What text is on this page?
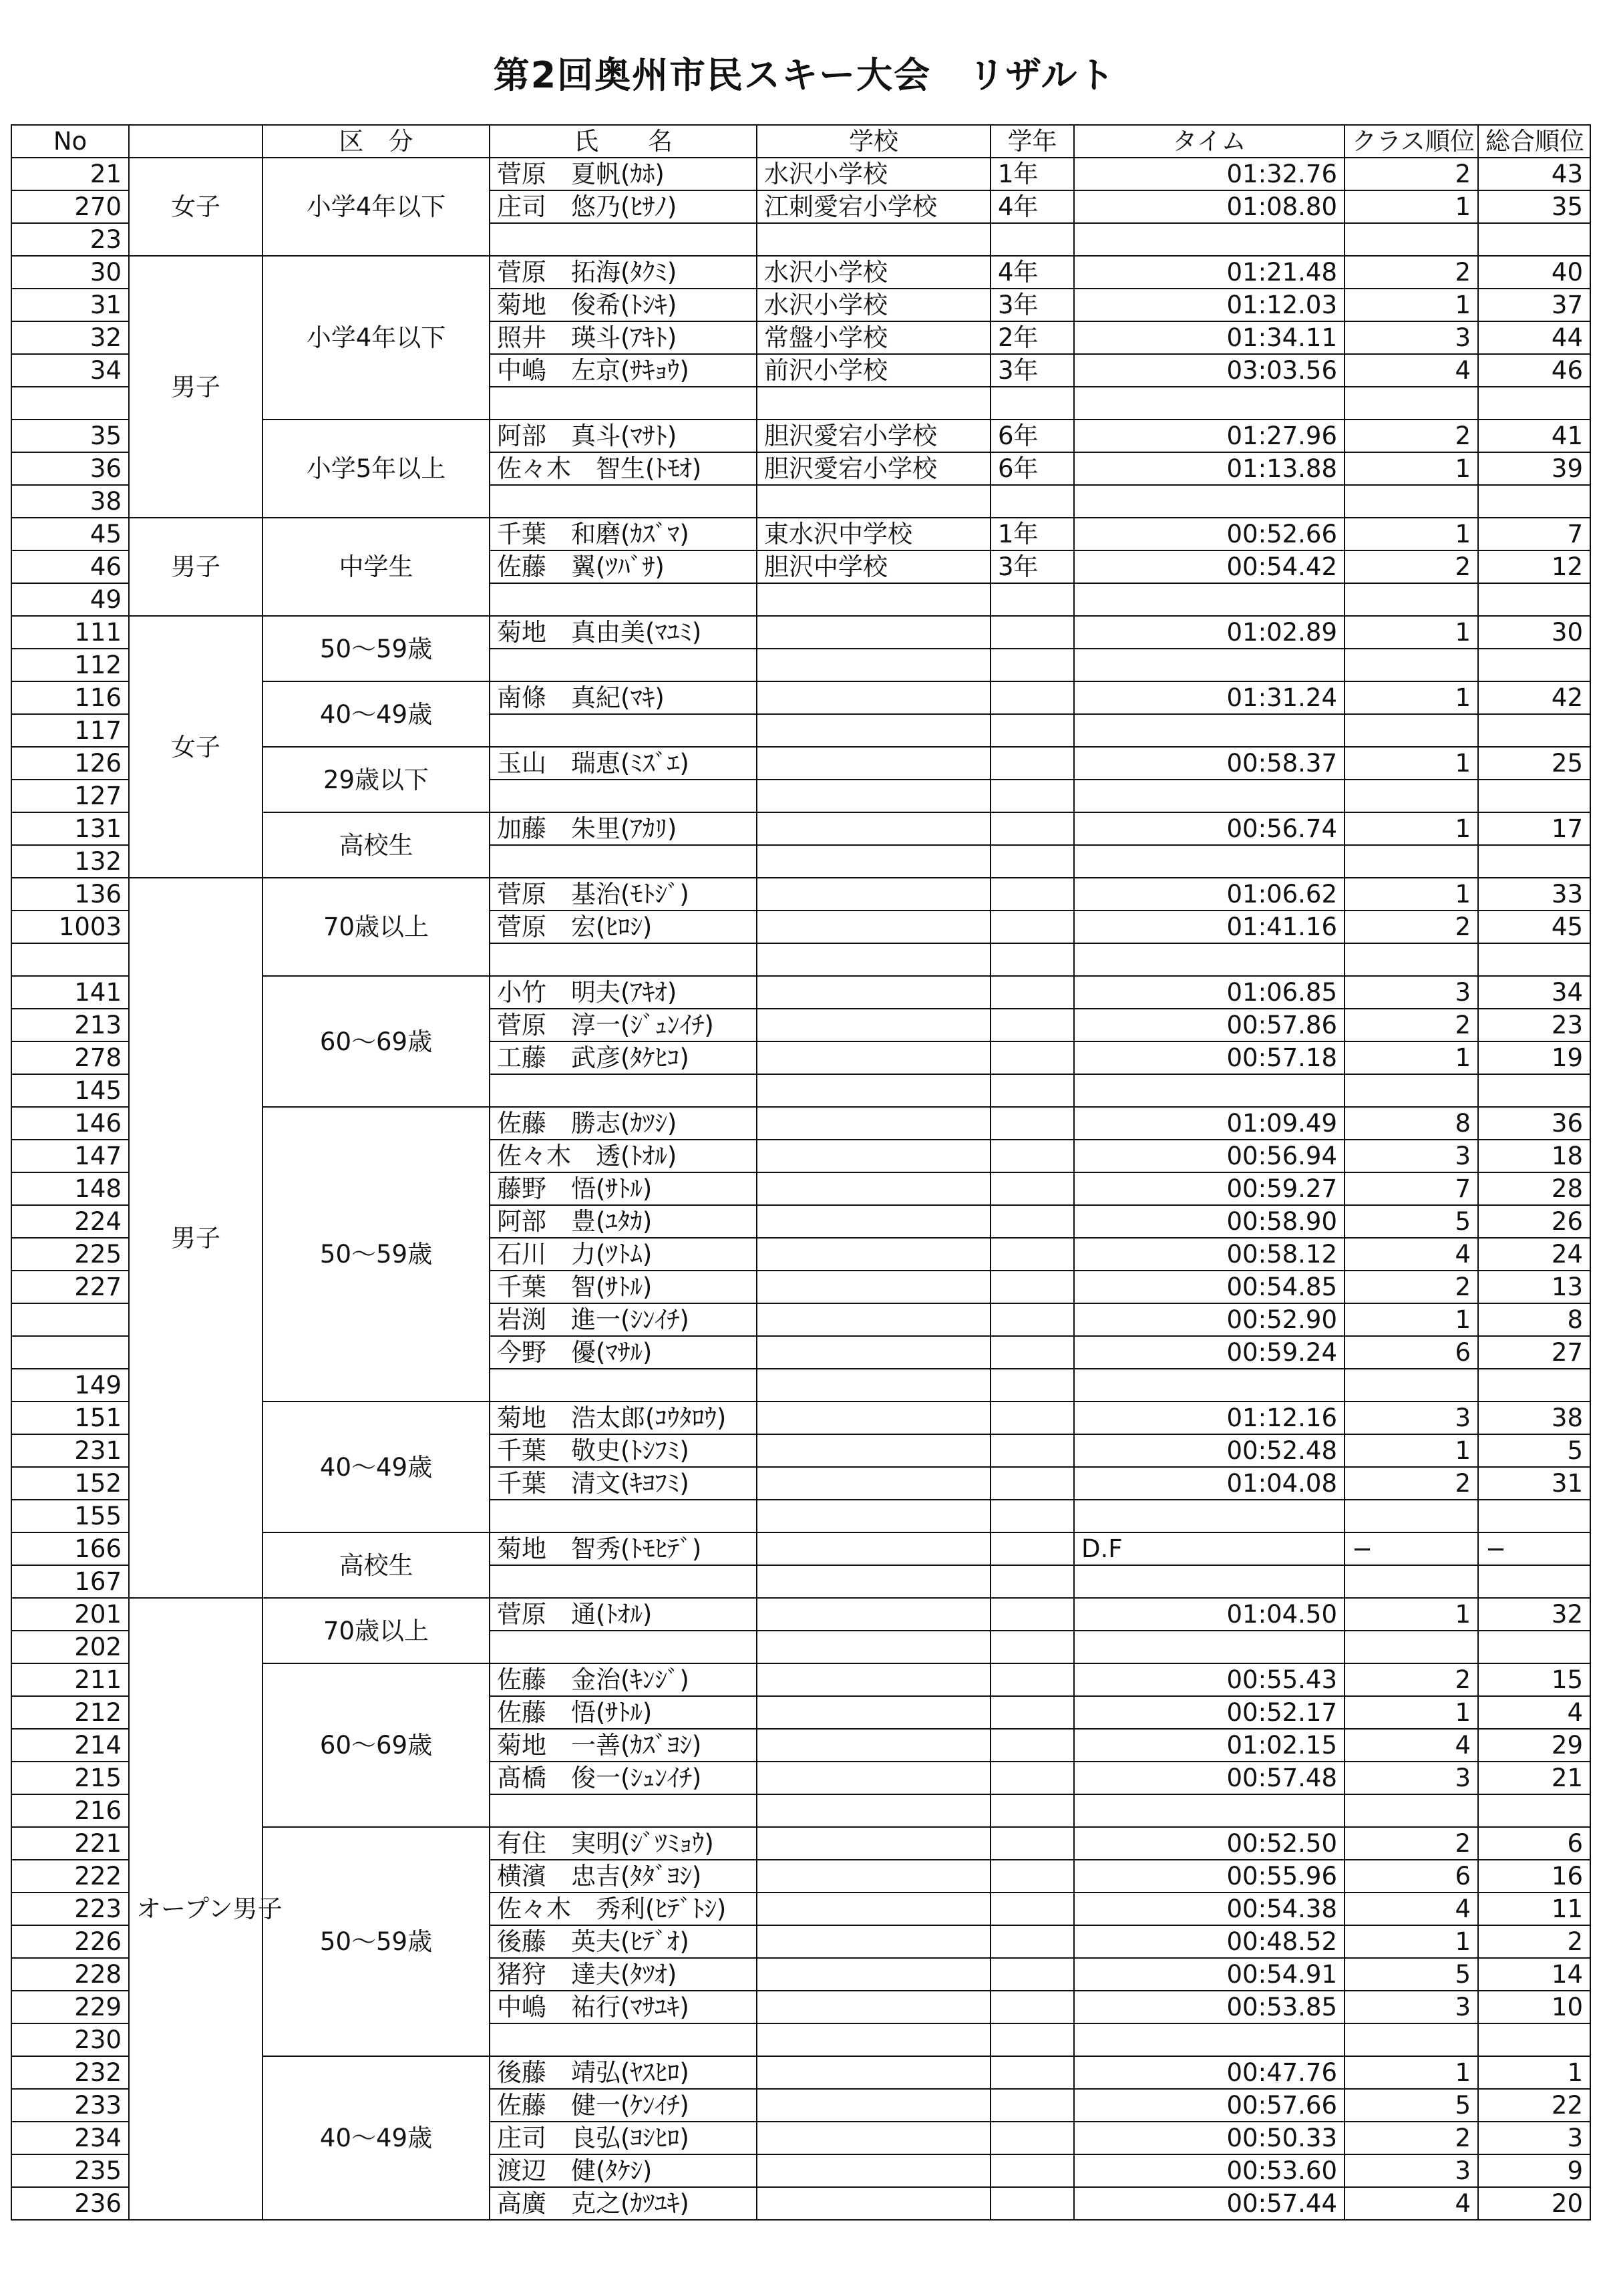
第2回奥州市民スキー大会　リザルト
No		区　分	氏　　名	学校	学年	タイム	クラス順位	総合順位
21	女子	小学4年以下	菅原　夏帆(ｶﾎ)	水沢小学校	1年	01:32.76	2	43
270			庄司　悠乃(ﾋｻﾉ)	江刺愛宕小学校	4年	01:08.80	1	35
23								
30	男子	小学4年以下	菅原　拓海(ﾀｸﾐ)	水沢小学校	4年	01:21.48	2	40
31			菊地　俊希(ﾄｼｷ)	水沢小学校	3年	01:12.03	1	37
32			照井　瑛斗(ｱｷﾄ)	常盤小学校	2年	01:34.11	3	44
34			中嶋　左京(ｻｷｮｳ)	前沢小学校	3年	03:03.56	4	46

35		小学5年以上	阿部　真斗(ﾏｻﾄ)	胆沢愛宕小学校	6年	01:27.96	2	41
36			佐々木　智生(ﾄﾓｵ)	胆沢愛宕小学校	6年	01:13.88	1	39
38								
45	男子	中学生	千葉　和磨(ｶｽﾞﾏ)	東水沢中学校	1年	00:52.66	1	7
46			佐藤　翼(ﾂﾊﾞｻ)	胆沢中学校	3年	00:54.42	2	12
49								
111	女子	50〜59歳	菊地　真由美(ﾏﾕﾐ)			01:02.89	1	30
112								
116		40〜49歳	南條　真紀(ﾏｷ)			01:31.24	1	42
117								
126		29歳以下	玉山　瑞恵(ﾐｽﾞｴ)			00:58.37	1	25
127								
131		高校生	加藤　朱里(ｱｶﾘ)			00:56.74	1	17
132								
136	男子	70歳以上	菅原　基治(ﾓﾄｼﾞ)			01:06.62	1	33
1003			菅原　宏(ﾋﾛｼ)			01:41.16	2	45

141		60〜69歳	小竹　明夫(ｱｷｵ)			01:06.85	3	34
213			菅原　淳一(ｼﾞｭﾝｲﾁ)			00:57.86	2	23
278			工藤　武彦(ﾀｹﾋｺ)			00:57.18	1	19
145								
146		50〜59歳	佐藤　勝志(ｶﾂｼ)			01:09.49	8	36
147			佐々木　透(ﾄｵﾙ)			00:56.94	3	18
148			藤野　悟(ｻﾄﾙ)			00:59.27	7	28
224			阿部　豊(ﾕﾀｶ)			00:58.90	5	26
225			石川　力(ﾂﾄﾑ)			00:58.12	4	24
227			千葉　智(ｻﾄﾙ)			00:54.85	2	13
			岩渕　進一(ｼﾝｲﾁ)			00:52.90	1	8
			今野　優(ﾏｻﾙ)			00:59.24	6	27
149								
151		40〜49歳	菊地　浩太郎(ｺｳﾀﾛｳ)			01:12.16	3	38
231			千葉　敬史(ﾄｼﾌﾐ)			00:52.48	1	5
152			千葉　清文(ｷﾖﾌﾐ)			01:04.08	2	31
155								
166		高校生	菊地　智秀(ﾄﾓﾋﾃﾞ)			D.F	−	−
167								
201	オープン男子	70歳以上	菅原　通(ﾄｵﾙ)			01:04.50	1	32
202								
211		60〜69歳	佐藤　金治(ｷﾝｼﾞ)			00:55.43	2	15
212			佐藤　悟(ｻﾄﾙ)			00:52.17	1	4
214			菊地　一善(ｶｽﾞﾖｼ)			01:02.15	4	29
215			髙橋　俊一(ｼｭﾝｲﾁ)			00:57.48	3	21
216								
221		50〜59歳	有住　実明(ｼﾞﾂﾐｮｳ)			00:52.50	2	6
222			横濱　忠吉(ﾀﾀﾞﾖｼ)			00:55.96	6	16
223			佐々木　秀利(ﾋﾃﾞﾄｼ)			00:54.38	4	11
226			後藤　英夫(ﾋﾃﾞｵ)			00:48.52	1	2
228			猪狩　達夫(ﾀﾂｵ)			00:54.91	5	14
229			中嶋　祐行(ﾏｻﾕｷ)			00:53.85	3	10
230								
232		40〜49歳	後藤　靖弘(ﾔｽﾋﾛ)			00:47.76	1	1
233			佐藤　健一(ｹﾝｲﾁ)			00:57.66	5	22
234			庄司　良弘(ﾖｼﾋﾛ)			00:50.33	2	3
235			渡辺　健(ﾀｹｼ)			00:53.60	3	9
236			高廣　克之(ｶﾂﾕｷ)			00:57.44	4	20
